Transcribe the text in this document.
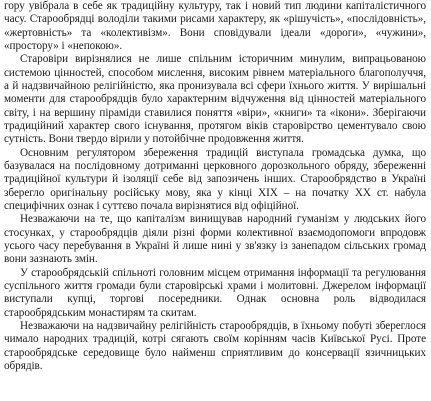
гору увібрала в себе як традиційну культуру, так і новий тип людини капіталістичного часу. Старообрядці володіли такими рисами характеру, як «рішучість», «послідовність», «жертовність» та «колективізм». Вони сповідували ідеали «дороги», «чужини», «простору» і «непокою».

Старовіри вирізнялися не лише спільним історичним минулим, випрацьованою системою цінностей, способом мислення, високим рівнем матеріального благополуччя, а й надзвичайною релігійністю, яка пронизувала всі сфери їхнього життя. У вирішальні моменти для старообрядців було характерним відчуження від цінностей матеріального світу, і на вершину піраміди ставилися поняття «віри», «книги» та «ікони». Зберігаючи традиційний характер свого існування, протягом віків старовірство цементувало свою сутність. Вони твердо вірили у потойбічне продовження життя.

Основним регулятором збереження традицій виступала громадська думка, що базувалася на послідовному дотриманні церковного дорозкольного обряду, збереженні традиційної культури й ізоляції себе від запозичень інших. Старообрядство в Україні зберегло оригінальну російську мову, яка у кінці XIX – на початку XX ст. набула специфічних ознак і суттєво почала вирізнятися від офіційної.

Незважаючи на те, що капіталізм винищував народний гуманізм у людських його стосунках, у старообрядців діяли різні форми колективної взаємодопомоги впродовж усього часу перебування в Україні й лише нині у зв'язку із занепадом сільських громад вони зазнають змін.

У старообрядській спільноті головним місцем отримання інформації та регулювання суспільного життя громади були старовірські храми і молитовні. Джерелом інформації виступали купці, торгові посередники. Однак основна роль відводилася старообрядським монастирям та скитам.

Незважаючи на надзвичайну релігійність старообрядців, в їхньому побуті збереглося чимало народних традицій, котрі сягають своїм корінням часів Київської Русі. Проте старообрядське середовище було найменш сприятливим до консервації язичницьких обрядів.
